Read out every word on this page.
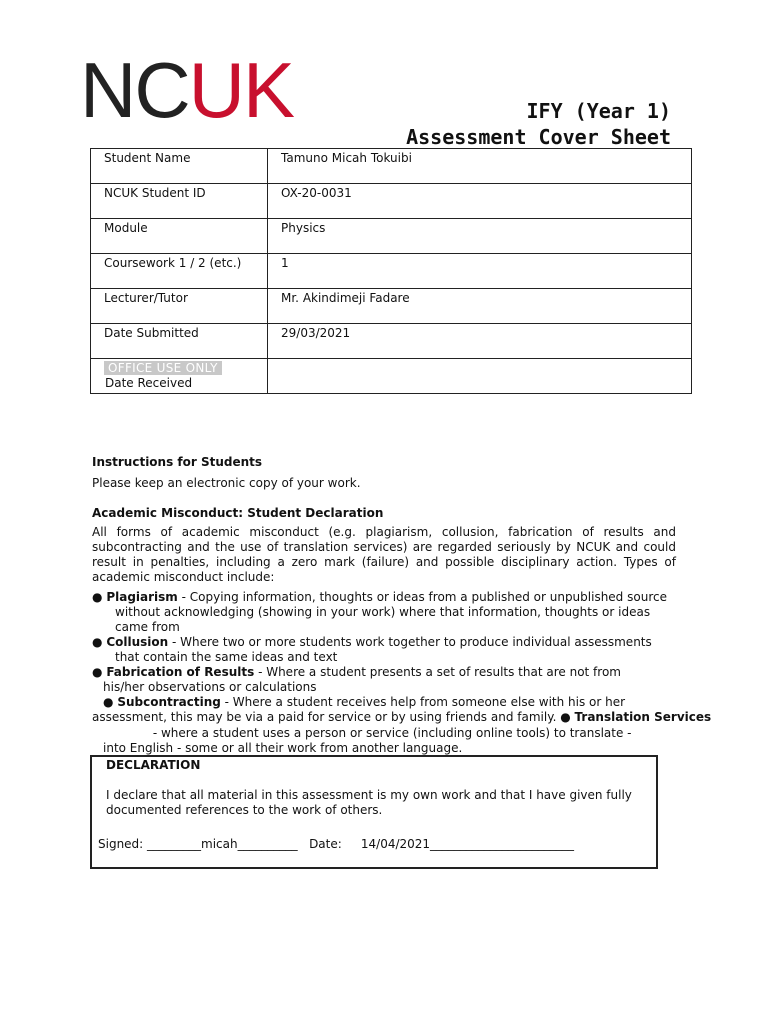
NCUK	IFY (Year 1)
Assessment Cover Sheet
Student Name	Tamuno Micah Tokuibi
NCUK Student ID	OX-20-0031
Module	Physics
Coursework 1 / 2 (etc.)	1
Lecturer/Tutor	Mr. Akindimeji Fadare
Date Submitted	29/03/2021
OFFICE USE ONLY
Date Received	
Instructions for Students
Please keep an electronic copy of your work.
Academic Misconduct: Student Declaration
All forms of academic misconduct (e.g. plagiarism, collusion, fabrication of results and subcontracting and the use of translation services) are regarded seriously by NCUK and could result in penalties, including a zero mark (failure) and possible disciplinary action. Types of academic misconduct include:
● Plagiarism - Copying information, thoughts or ideas from a published or unpublished source
without acknowledging (showing in your work) where that information, thoughts or ideas
came from
● Collusion - Where two or more students work together to produce individual assessments
that contain the same ideas and text
● Fabrication of Results - Where a student presents a set of results that are not from
his/her observations or calculations
● Subcontracting - Where a student receives help from someone else with his or her
assessment, this may be via a paid for service or by using friends and family. ● Translation Services
- where a student uses a person or service (including online tools) to translate -
into English - some or all their work from another language.
DECLARATION
I declare that all material in this assessment is my own work and that I have given fully documented references to the work of others.
Signed: _________micah__________   Date:     14/04/2021________________________
